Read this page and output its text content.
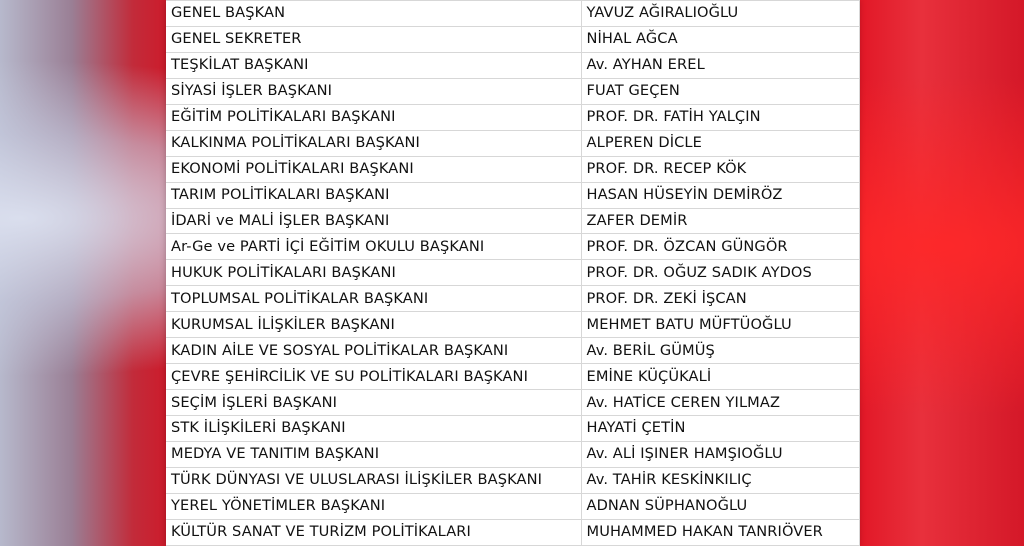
GENEL BAŞKAN	YAVUZ AĞIRALIOĞLU
GENEL SEKRETER	NİHAL AĞCA
TEŞKİLAT BAŞKANI	Av. AYHAN EREL
SİYASİ İŞLER BAŞKANI	FUAT GEÇEN
EĞİTİM POLİTİKALARI BAŞKANI	PROF. DR. FATİH YALÇIN
KALKINMA POLİTİKALARI BAŞKANI	ALPEREN DİCLE
EKONOMİ POLİTİKALARI BAŞKANI	PROF. DR. RECEP KÖK
TARIM POLİTİKALARI BAŞKANI	HASAN HÜSEYİN DEMİRÖZ
İDARİ ve MALİ İŞLER BAŞKANI	ZAFER DEMİR
Ar-Ge ve PARTİ İÇİ EĞİTİM OKULU BAŞKANI	PROF. DR. ÖZCAN GÜNGÖR
HUKUK POLİTİKALARI BAŞKANI	PROF. DR. OĞUZ SADIK AYDOS
TOPLUMSAL POLİTİKALAR BAŞKANI	PROF. DR. ZEKİ İŞCAN
KURUMSAL İLİŞKİLER BAŞKANI	MEHMET BATU MÜFTÜOĞLU
KADIN AİLE VE SOSYAL POLİTİKALAR BAŞKANI	Av. BERİL GÜMÜŞ
ÇEVRE ŞEHİRCİLİK VE SU POLİTİKALARI BAŞKANI	EMİNE KÜÇÜKALİ
SEÇİM İŞLERİ BAŞKANI	Av. HATİCE CEREN YILMAZ
STK İLİŞKİLERİ BAŞKANI	HAYATİ ÇETİN
MEDYA VE TANITIM BAŞKANI	Av. ALİ IŞINER HAMŞIOĞLU
TÜRK DÜNYASI VE ULUSLARASI İLİŞKİLER BAŞKANI	Av. TAHİR KESKİNKILIÇ
YEREL YÖNETİMLER BAŞKANI	ADNAN SÜPHANOĞLU
KÜLTÜR SANAT VE TURİZM POLİTİKALARI	MUHAMMED HAKAN TANRIÖVER
